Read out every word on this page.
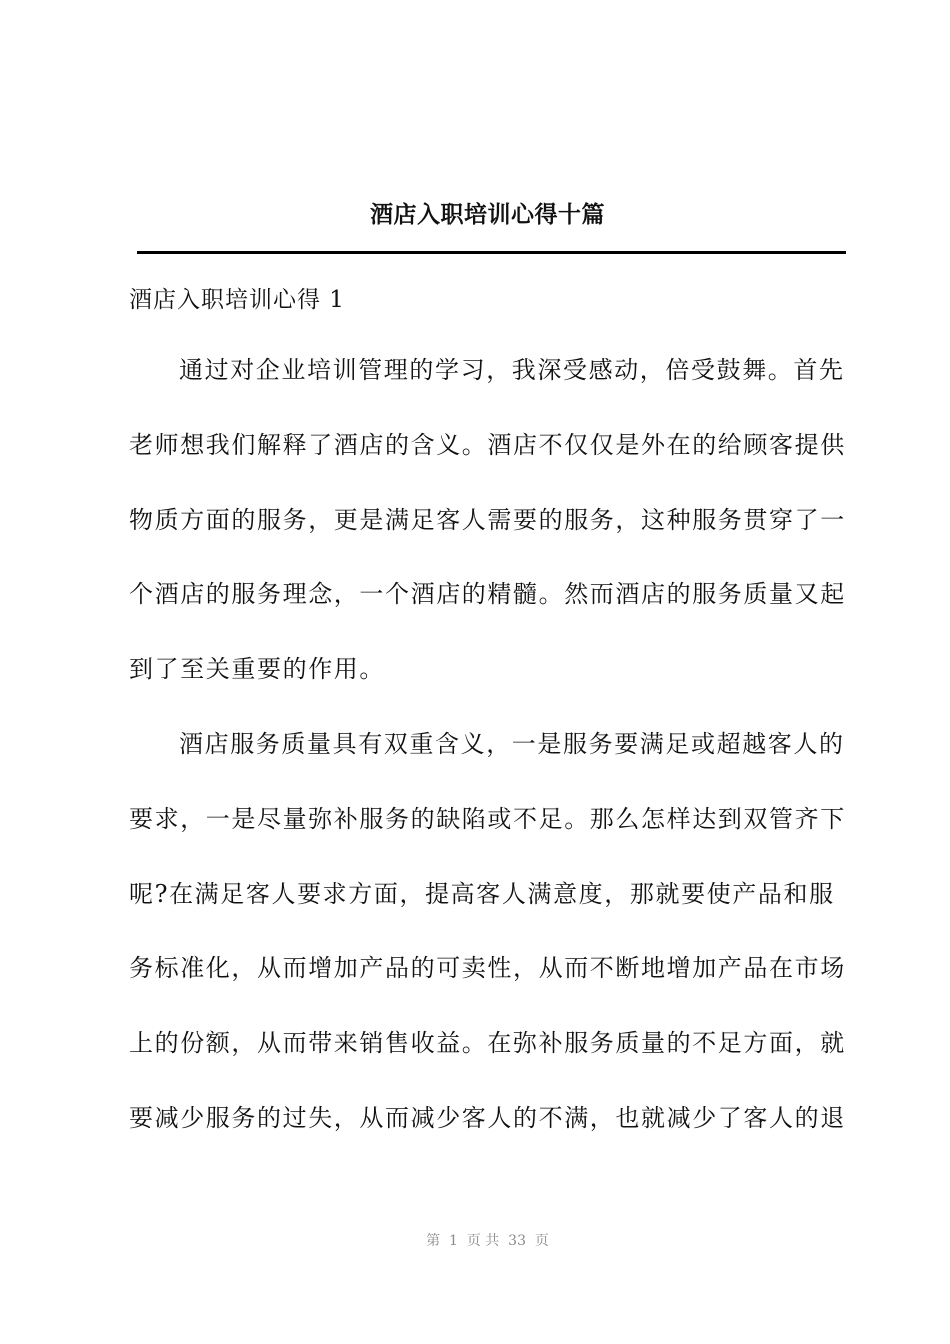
酒店入职培训心得十篇
酒店入职培训心得 1
通过对企业培训管理的学习，我深受感动，倍受鼓舞。首先
老师想我们解释了酒店的含义。酒店不仅仅是外在的给顾客提供
物质方面的服务，更是满足客人需要的服务，这种服务贯穿了一
个酒店的服务理念，一个酒店的精髓。然而酒店的服务质量又起
到了至关重要的作用。
酒店服务质量具有双重含义，一是服务要满足或超越客人的
要求，一是尽量弥补服务的缺陷或不足。那么怎样达到双管齐下
呢?在满足客人要求方面，提高客人满意度，那就要使产品和服
务标准化，从而增加产品的可卖性，从而不断地增加产品在市场
上的份额，从而带来销售收益。在弥补服务质量的不足方面，就
要减少服务的过失，从而减少客人的不满，也就减少了客人的退
第  1  页 共  33  页
